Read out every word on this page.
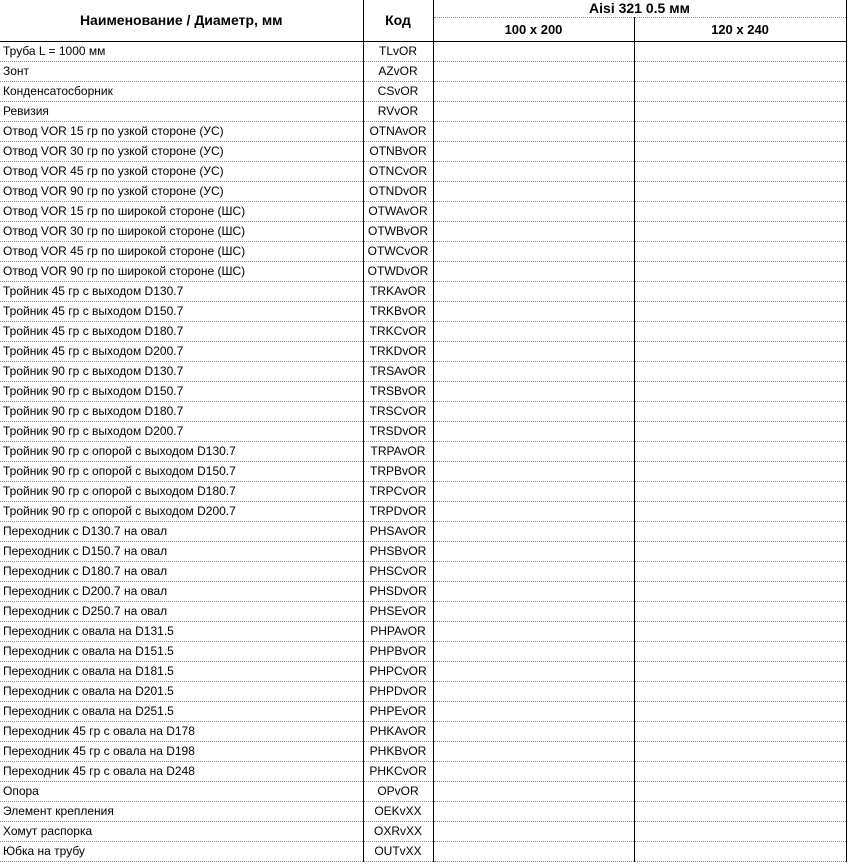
Наименование / Диаметр, мм	Код	Aisi 321 0.5 мм	
		100 х 200	120 х 240
Труба L = 1000 мм	TLvOR		
Зонт	AZvOR		
Конденсатосборник	CSvOR		
Ревизия	RVvOR		
Отвод VOR 15 гр по узкой стороне (УС)	OTNAvOR		
Отвод VOR 30 гр по узкой стороне (УС)	OTNBvOR		
Отвод VOR 45 гр по узкой стороне (УС)	OTNCvOR		
Отвод VOR 90 гр по узкой стороне (УС)	OTNDvOR		
Отвод VOR 15 гр по широкой стороне (ШС)	OTWAvOR		
Отвод VOR 30 гр по широкой стороне (ШС)	OTWBvOR		
Отвод VOR 45 гр по широкой стороне (ШС)	OTWCvOR		
Отвод VOR 90 гр по широкой стороне (ШС)	OTWDvOR		
Тройник 45 гр с выходом D130.7	TRKAvOR		
Тройник 45 гр с выходом D150.7	TRKBvOR		
Тройник 45 гр с выходом D180.7	TRKCvOR		
Тройник 45 гр с выходом D200.7	TRKDvOR		
Тройник 90 гр с выходом D130.7	TRSAvOR		
Тройник 90 гр с выходом D150.7	TRSBvOR		
Тройник 90 гр с выходом D180.7	TRSCvOR		
Тройник 90 гр с выходом D200.7	TRSDvOR		
Тройник 90 гр с опорой с выходом D130.7	TRPAvOR		
Тройник 90 гр с опорой с выходом D150.7	TRPBvOR		
Тройник 90 гр с опорой с выходом D180.7	TRPCvOR		
Тройник 90 гр с опорой с выходом D200.7	TRPDvOR		
Переходник с D130.7 на овал	PHSAvOR		
Переходник с D150.7 на овал	PHSBvOR		
Переходник с D180.7 на овал	PHSCvOR		
Переходник с D200.7 на овал	PHSDvOR		
Переходник с D250.7 на овал	PHSEvOR		
Переходник с овала на D131.5	PHPAvOR		
Переходник с овала на D151.5	PHPBvOR		
Переходник с овала на D181.5	PHPCvOR		
Переходник с овала на D201.5	PHPDvOR		
Переходник с овала на D251.5	PHPEvOR		
Переходник 45 гр с овала на D178	PHKAvOR		
Переходник 45 гр с овала на D198	PHKBvOR		
Переходник 45 гр с овала на D248	PHKCvOR		
Опора	OPvOR		
Элемент крепления	OEKvXX		
Хомут распорка	OXRvXX		
Юбка на трубу	OUTvXX		
